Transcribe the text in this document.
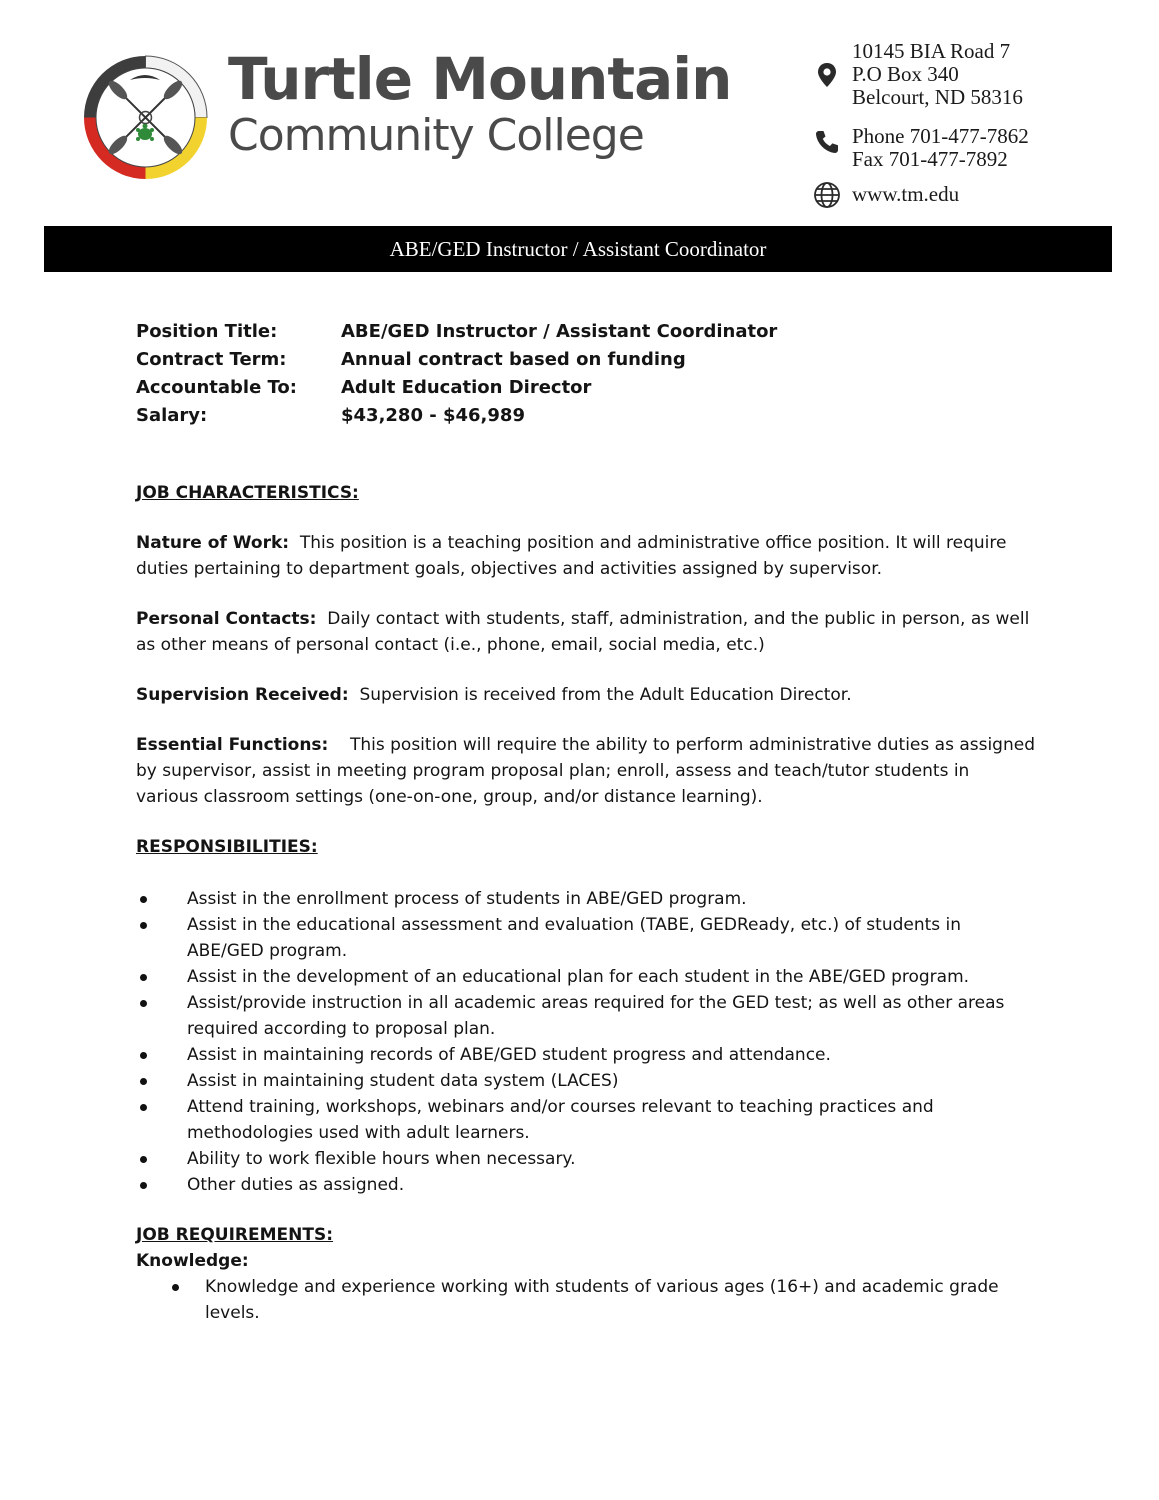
Turtle Mountain
Community College
10145 BIA Road 7
P.O Box 340
Belcourt, ND 58316
Phone 701-477-7862
Fax 701-477-7892
www.tm.edu
ABE/GED Instructor / Assistant Coordinator
Position Title:	ABE/GED Instructor / Assistant Coordinator
Contract Term:	Annual contract based on funding
Accountable To:	Adult Education Director
Salary:	$43,280 - $46,989
JOB CHARACTERISTICS:

Nature of Work: This position is a teaching position and administrative office position. It will require duties pertaining to department goals, objectives and activities assigned by supervisor.

Personal Contacts: Daily contact with students, staff, administration, and the public in person, as well as other means of personal contact (i.e., phone, email, social media, etc.)

Supervision Received: Supervision is received from the Adult Education Director.

Essential Functions: This position will require the ability to perform administrative duties as assigned by supervisor, assist in meeting program proposal plan; enroll, assess and teach/tutor students in various classroom settings (one-on-one, group, and/or distance learning).

RESPONSIBILITIES:
Assist in the enrollment process of students in ABE/GED program.
Assist in the educational assessment and evaluation (TABE, GEDReady, etc.) of students in ABE/GED program.
Assist in the development of an educational plan for each student in the ABE/GED program.
Assist/provide instruction in all academic areas required for the GED test; as well as other areas required according to proposal plan.
Assist in maintaining records of ABE/GED student progress and attendance.
Assist in maintaining student data system (LACES)
Attend training, workshops, webinars and/or courses relevant to teaching practices and methodologies used with adult learners.
Ability to work flexible hours when necessary.
Other duties as assigned.
JOB REQUIREMENTS:
Knowledge:
Knowledge and experience working with students of various ages (16+) and academic grade levels.
